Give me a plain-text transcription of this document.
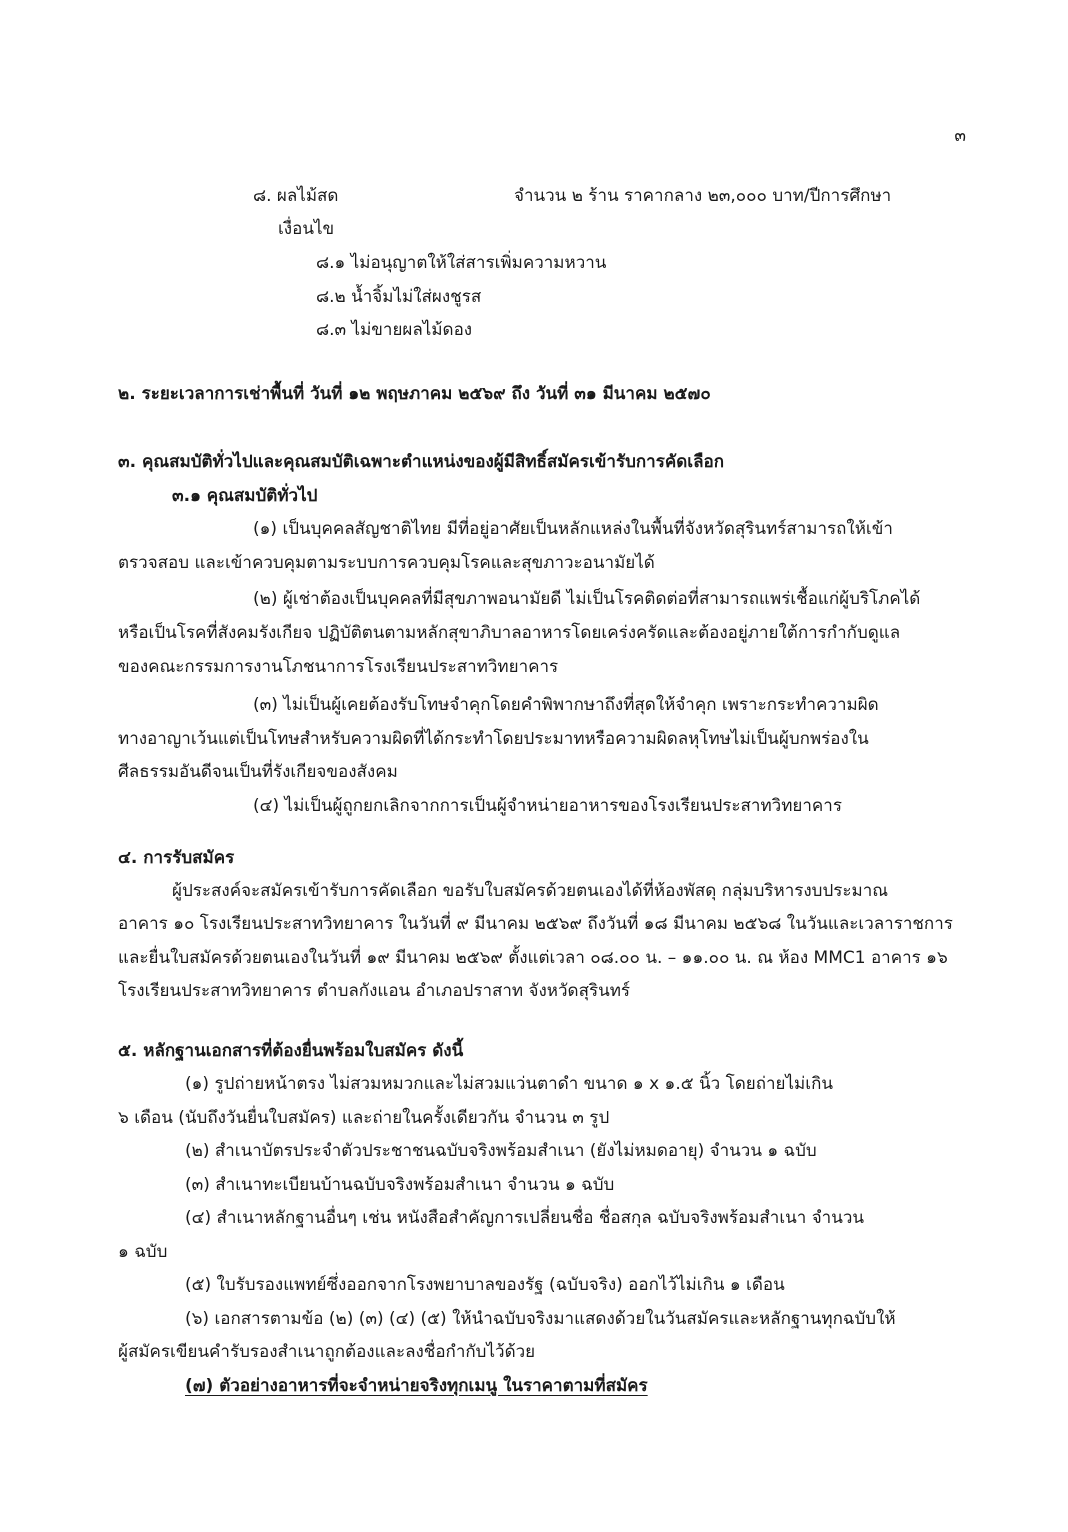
๓
๘. ผลไม้สด	จำนวน ๒ ร้าน ราคากลาง ๒๓,๐๐๐ บาท/ปีการศึกษา
เงื่อนไข
๘.๑ ไม่อนุญาตให้ใส่สารเพิ่มความหวาน
๘.๒ น้ำจิ้มไม่ใส่ผงชูรส
๘.๓ ไม่ขายผลไม้ดอง
๒. ระยะเวลาการเช่าพื้นที่ วันที่ ๑๒ พฤษภาคม ๒๕๖๙ ถึง วันที่ ๓๑ มีนาคม ๒๕๗๐
๓. คุณสมบัติทั่วไปและคุณสมบัติเฉพาะตำแหน่งของผู้มีสิทธิ์สมัครเข้ารับการคัดเลือก
๓.๑ คุณสมบัติทั่วไป
(๑) เป็นบุคคลสัญชาติไทย มีที่อยู่อาศัยเป็นหลักแหล่งในพื้นที่จังหวัดสุรินทร์สามารถให้เข้า
ตรวจสอบ และเข้าควบคุมตามระบบการควบคุมโรคและสุขภาวะอนามัยได้
(๒) ผู้เช่าต้องเป็นบุคคลที่มีสุขภาพอนามัยดี ไม่เป็นโรคติดต่อที่สามารถแพร่เชื้อแก่ผู้บริโภคได้
หรือเป็นโรคที่สังคมรังเกียจ ปฏิบัติตนตามหลักสุขาภิบาลอาหารโดยเคร่งครัดและต้องอยู่ภายใต้การกำกับดูแล
ของคณะกรรมการงานโภชนาการโรงเรียนประสาทวิทยาคาร
(๓) ไม่เป็นผู้เคยต้องรับโทษจำคุกโดยคำพิพากษาถึงที่สุดให้จำคุก เพราะกระทำความผิด
ทางอาญาเว้นแต่เป็นโทษสำหรับความผิดที่ได้กระทำโดยประมาทหรือความผิดลหุโทษไม่เป็นผู้บกพร่องใน
ศีลธรรมอันดีจนเป็นที่รังเกียจของสังคม
(๔) ไม่เป็นผู้ถูกยกเลิกจากการเป็นผู้จำหน่ายอาหารของโรงเรียนประสาทวิทยาคาร
๔. การรับสมัคร
ผู้ประสงค์จะสมัครเข้ารับการคัดเลือก ขอรับใบสมัครด้วยตนเองได้ที่ห้องพัสดุ กลุ่มบริหารงบประมาณ
อาคาร ๑๐ โรงเรียนประสาทวิทยาคาร ในวันที่ ๙ มีนาคม ๒๕๖๙ ถึงวันที่ ๑๘ มีนาคม ๒๕๖๘ ในวันและเวลาราชการ
และยื่นใบสมัครด้วยตนเองในวันที่ ๑๙ มีนาคม ๒๕๖๙ ตั้งแต่เวลา ๐๘.๐๐ น. – ๑๑.๐๐ น. ณ ห้อง MMC1 อาคาร ๑๖
โรงเรียนประสาทวิทยาคาร ตำบลกังแอน อำเภอปราสาท จังหวัดสุรินทร์
๕. หลักฐานเอกสารที่ต้องยื่นพร้อมใบสมัคร ดังนี้
(๑) รูปถ่ายหน้าตรง ไม่สวมหมวกและไม่สวมแว่นตาดำ ขนาด ๑ x ๑.๕ นิ้ว โดยถ่ายไม่เกิน
๖ เดือน (นับถึงวันยื่นใบสมัคร) และถ่ายในครั้งเดียวกัน จำนวน ๓ รูป
(๒) สำเนาบัตรประจำตัวประชาชนฉบับจริงพร้อมสำเนา (ยังไม่หมดอายุ) จำนวน ๑ ฉบับ
(๓) สำเนาทะเบียนบ้านฉบับจริงพร้อมสำเนา จำนวน ๑ ฉบับ
(๔) สำเนาหลักฐานอื่นๆ เช่น หนังสือสำคัญการเปลี่ยนชื่อ ชื่อสกุล ฉบับจริงพร้อมสำเนา จำนวน
๑ ฉบับ
(๕) ใบรับรองแพทย์ซึ่งออกจากโรงพยาบาลของรัฐ (ฉบับจริง) ออกไว้ไม่เกิน ๑ เดือน
(๖) เอกสารตามข้อ (๒) (๓) (๔) (๕) ให้นำฉบับจริงมาแสดงด้วยในวันสมัครและหลักฐานทุกฉบับให้
ผู้สมัครเขียนคำรับรองสำเนาถูกต้องและลงชื่อกำกับไว้ด้วย
(๗) ตัวอย่างอาหารที่จะจำหน่ายจริงทุกเมนู ในราคาตามที่สมัคร
